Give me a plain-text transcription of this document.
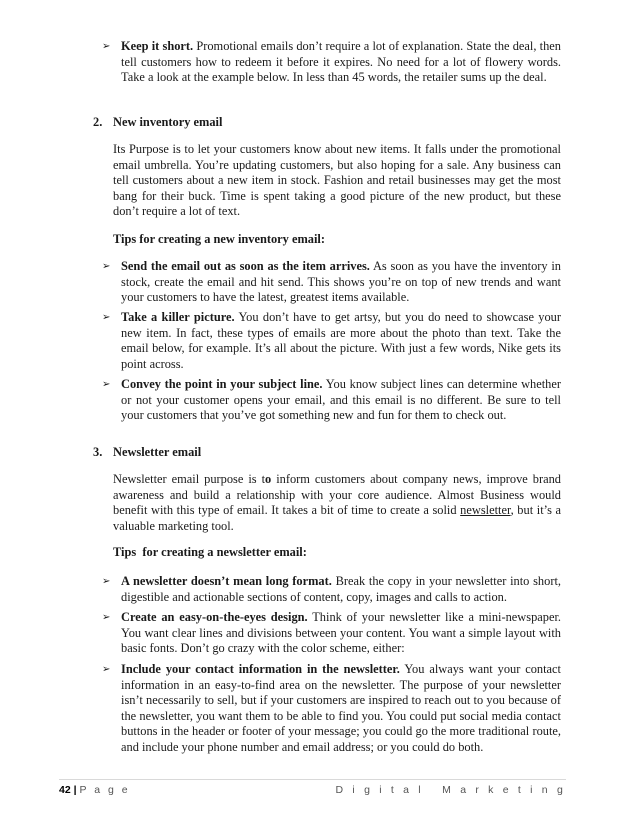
➢ Keep it short. Promotional emails don’t require a lot of explanation. State the deal, then tell customers how to redeem it before it expires. No need for a lot of flowery words. Take a look at the example below. In less than 45 words, the retailer sums up the deal.
2. New inventory email
Its Purpose is to let your customers know about new items. It falls under the promotional email umbrella. You’re updating customers, but also hoping for a sale. Any business can tell customers about a new item in stock. Fashion and retail businesses may get the most bang for their buck. Time is spent taking a good picture of the new product, but these don’t require a lot of text.
Tips for creating a new inventory email:
➢ Send the email out as soon as the item arrives. As soon as you have the inventory in stock, create the email and hit send. This shows you’re on top of new trends and want your customers to have the latest, greatest items available.
➢ Take a killer picture. You don’t have to get artsy, but you do need to showcase your new item. In fact, these types of emails are more about the photo than text. Take the email below, for example. It’s all about the picture. With just a few words, Nike gets its point across.
➢ Convey the point in your subject line. You know subject lines can determine whether or not your customer opens your email, and this email is no different. Be sure to tell your customers that you’ve got something new and fun for them to check out.
3. Newsletter email
Newsletter email purpose is to inform customers about company news, improve brand awareness and build a relationship with your core audience. Almost Business would benefit with this type of email. It takes a bit of time to create a solid newsletter, but it’s a valuable marketing tool.
Tips  for creating a newsletter email:
➢ A newsletter doesn’t mean long format. Break the copy in your newsletter into short, digestible and actionable sections of content, copy, images and calls to action.
➢ Create an easy-on-the-eyes design. Think of your newsletter like a mini-newspaper. You want clear lines and divisions between your content. You want a simple layout with basic fonts. Don’t go crazy with the color scheme, either:
➢ Include your contact information in the newsletter. You always want your contact information in an easy-to-find area on the newsletter. The purpose of your newsletter isn’t necessarily to sell, but if your customers are inspired to reach out to you because of the newsletter, you want them to be able to find you. You could put social media contact buttons in the header or footer of your message; you could go the more traditional route, and include your phone number and email address; or you could do both.
42 | P a g e	D i g i t a l   M a r k e t i n g
